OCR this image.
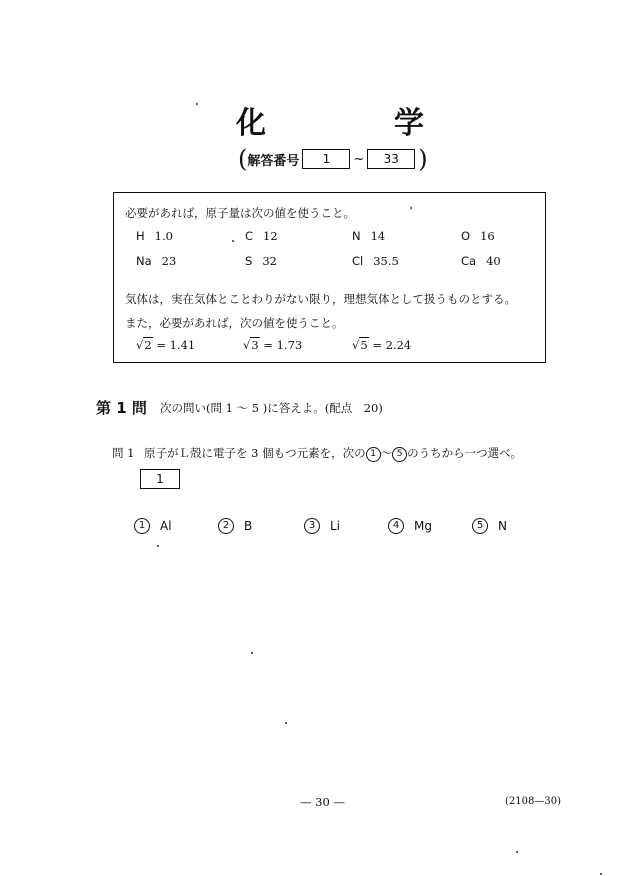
化	学
( 解答番号	1	~	33 )
必要があれば，原子量は次の値を使うこと。
H 1.0	C 12	N 14	O 16
Na 23	S 32	Cl 35.5	Ca 40
気体は，実在気体とことわりがない限り，理想気体として扱うものとする。
また，必要があれば，次の値を使うこと。
√2 = 1.41	√3 = 1.73	√5 = 2.24
第 1 問 次の問い(問 1 ～ 5 )に答えよ。(配点　20)
問 1 原子がＬ殻に電子を 3 個もつ元素を，次の 1 ～ 5 のうちから一つ選べ。
1
1	Al	2	B	3	Li	4	Mg	5	N
— 30 —	(2108—30)
